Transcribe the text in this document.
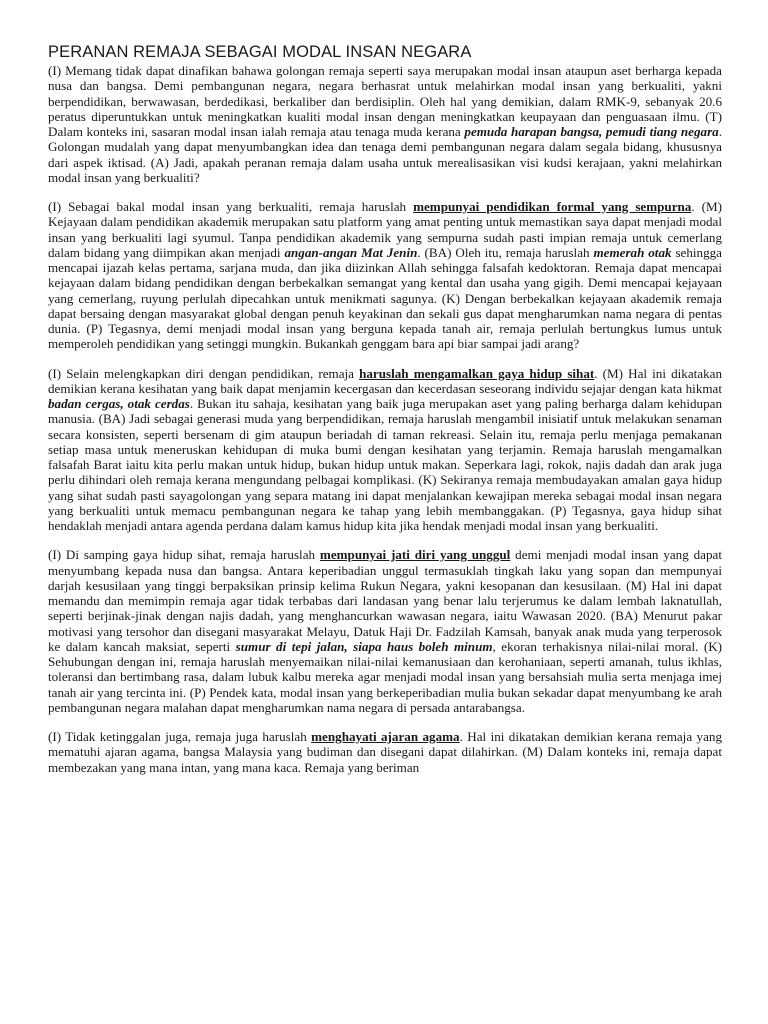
PERANAN REMAJA SEBAGAI MODAL INSAN NEGARA

(I) Memang tidak dapat dinafikan bahawa golongan remaja seperti saya merupakan modal insan ataupun aset berharga kepada nusa dan bangsa. Demi pembangunan negara, negara berhasrat untuk melahirkan modal insan yang berkualiti, yakni berpendidikan, berwawasan, berdedikasi, berkaliber dan berdisiplin. Oleh hal yang demikian, dalam RMK-9, sebanyak 20.6 peratus diperuntukkan untuk meningkatkan kualiti modal insan dengan meningkatkan keupayaan dan penguasaan ilmu. (T) Dalam konteks ini, sasaran modal insan ialah remaja atau tenaga muda kerana pemuda harapan bangsa, pemudi tiang negara. Golongan mudalah yang dapat menyumbangkan idea dan tenaga demi pembangunan negara dalam segala bidang, khususnya dari aspek iktisad. (A) Jadi, apakah peranan remaja dalam usaha untuk merealisasikan visi kudsi kerajaan, yakni melahirkan modal insan yang berkualiti?

(I) Sebagai bakal modal insan yang berkualiti, remaja haruslah mempunyai pendidikan formal yang sempurna. (M) Kejayaan dalam pendidikan akademik merupakan satu platform yang amat penting untuk memastikan saya dapat menjadi modal insan yang berkualiti lagi syumul. Tanpa pendidikan akademik yang sempurna sudah pasti impian remaja untuk cemerlang dalam bidang yang diimpikan akan menjadi angan-angan Mat Jenin. (BA) Oleh itu, remaja haruslah memerah otak sehingga mencapai ijazah kelas pertama, sarjana muda, dan jika diizinkan Allah sehingga falsafah kedoktoran. Remaja dapat mencapai kejayaan dalam bidang pendidikan dengan berbekalkan semangat yang kental dan usaha yang gigih. Demi mencapai kejayaan yang cemerlang, ruyung perlulah dipecahkan untuk menikmati sagunya. (K) Dengan berbekalkan kejayaan akademik remaja dapat bersaing dengan masyarakat global dengan penuh keyakinan dan sekali gus dapat mengharumkan nama negara di pentas dunia. (P) Tegasnya, demi menjadi modal insan yang berguna kepada tanah air, remaja perlulah bertungkus lumus untuk memperoleh pendidikan yang setinggi mungkin. Bukankah genggam bara api biar sampai jadi arang?

(I) Selain melengkapkan diri dengan pendidikan, remaja haruslah mengamalkan gaya hidup sihat. (M) Hal ini dikatakan demikian kerana kesihatan yang baik dapat menjamin kecergasan dan kecerdasan seseorang individu sejajar dengan kata hikmat badan cergas, otak cerdas. Bukan itu sahaja, kesihatan yang baik juga merupakan aset yang paling berharga dalam kehidupan manusia. (BA) Jadi sebagai generasi muda yang berpendidikan, remaja haruslah mengambil inisiatif untuk melakukan senaman secara konsisten, seperti bersenam di gim ataupun beriadah di taman rekreasi. Selain itu, remaja perlu menjaga pemakanan setiap masa untuk meneruskan kehidupan di muka bumi dengan kesihatan yang terjamin. Remaja haruslah mengamalkan falsafah Barat iaitu kita perlu makan untuk hidup, bukan hidup untuk makan. Seperkara lagi, rokok, najis dadah dan arak juga perlu dihindari oleh remaja kerana mengundang pelbagai komplikasi. (K) Sekiranya remaja membudayakan amalan gaya hidup yang sihat sudah pasti sayagolongan yang separa matang ini dapat menjalankan kewajipan mereka sebagai modal insan negara yang berkualiti untuk memacu pembangunan negara ke tahap yang lebih membanggakan. (P) Tegasnya, gaya hidup sihat hendaklah menjadi antara agenda perdana dalam kamus hidup kita jika hendak menjadi modal insan yang berkualiti.

(I) Di samping gaya hidup sihat, remaja haruslah mempunyai jati diri yang unggul demi menjadi modal insan yang dapat menyumbang kepada nusa dan bangsa. Antara keperibadian unggul termasuklah tingkah laku yang sopan dan mempunyai darjah kesusilaan yang tinggi berpaksikan prinsip kelima Rukun Negara, yakni kesopanan dan kesusilaan. (M) Hal ini dapat memandu dan memimpin remaja agar tidak terbabas dari landasan yang benar lalu terjerumus ke dalam lembah laknatullah, seperti berjinak-jinak dengan najis dadah, yang menghancurkan wawasan negara, iaitu Wawasan 2020. (BA) Menurut pakar motivasi yang tersohor dan disegani masyarakat Melayu, Datuk Haji Dr. Fadzilah Kamsah, banyak anak muda yang terperosok ke dalam kancah maksiat, seperti sumur di tepi jalan, siapa haus boleh minum, ekoran terhakisnya nilai-nilai moral. (K) Sehubungan dengan ini, remaja haruslah menyemaikan nilai-nilai kemanusiaan dan kerohaniaan, seperti amanah, tulus ikhlas, toleransi dan bertimbang rasa, dalam lubuk kalbu mereka agar menjadi modal insan yang bersahsiah mulia serta menjaga imej tanah air yang tercinta ini. (P) Pendek kata, modal insan yang berkeperibadian mulia bukan sekadar dapat menyumbang ke arah pembangunan negara malahan dapat mengharumkan nama negara di persada antarabangsa.

(I) Tidak ketinggalan juga, remaja juga haruslah menghayati ajaran agama. Hal ini dikatakan demikian kerana remaja yang mematuhi ajaran agama, bangsa Malaysia yang budiman dan disegani dapat dilahirkan. (M) Dalam konteks ini, remaja dapat membezakan yang mana intan, yang mana kaca. Remaja yang beriman
